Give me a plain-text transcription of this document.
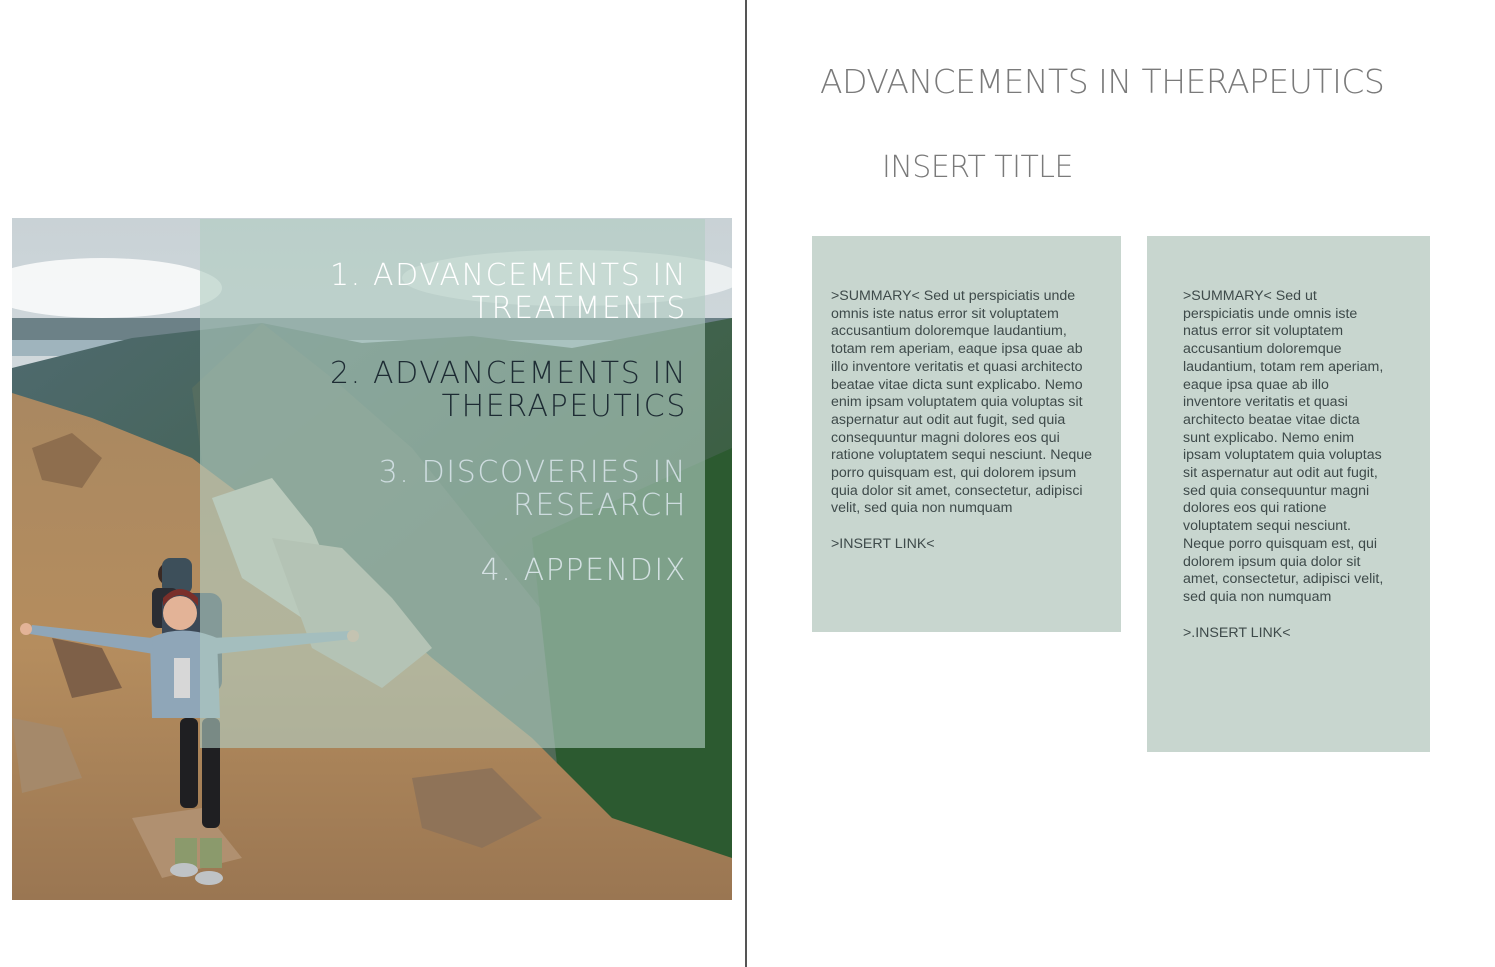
1. ADVANCEMENTS IN
TREATMENTS
2. ADVANCEMENTS IN
THERAPEUTICS
3. DISCOVERIES IN
RESEARCH
4. APPENDIX
ADVANCEMENTS IN THERAPEUTICS
INSERT TITLE

>SUMMARY< Sed ut perspiciatis unde omnis iste natus error sit voluptatem accusantium doloremque laudantium, totam rem aperiam, eaque ipsa quae ab illo inventore veritatis et quasi architecto beatae vitae dicta sunt explicabo. Nemo enim ipsam voluptatem quia voluptas sit aspernatur aut odit aut fugit, sed quia consequuntur magni dolores eos qui ratione voluptatem sequi nesciunt. Neque porro quisquam est, qui dolorem ipsum quia dolor sit amet, consectetur, adipisci velit, sed quia non numquam

>INSERT LINK<

>SUMMARY< Sed ut perspiciatis unde omnis iste natus error sit voluptatem accusantium doloremque laudantium, totam rem aperiam, eaque ipsa quae ab illo inventore veritatis et quasi architecto beatae vitae dicta sunt explicabo. Nemo enim ipsam voluptatem quia voluptas sit aspernatur aut odit aut fugit, sed quia consequuntur magni dolores eos qui ratione voluptatem sequi nesciunt. Neque porro quisquam est, qui dolorem ipsum quia dolor sit amet, consectetur, adipisci velit, sed quia non numquam

>.INSERT LINK<
